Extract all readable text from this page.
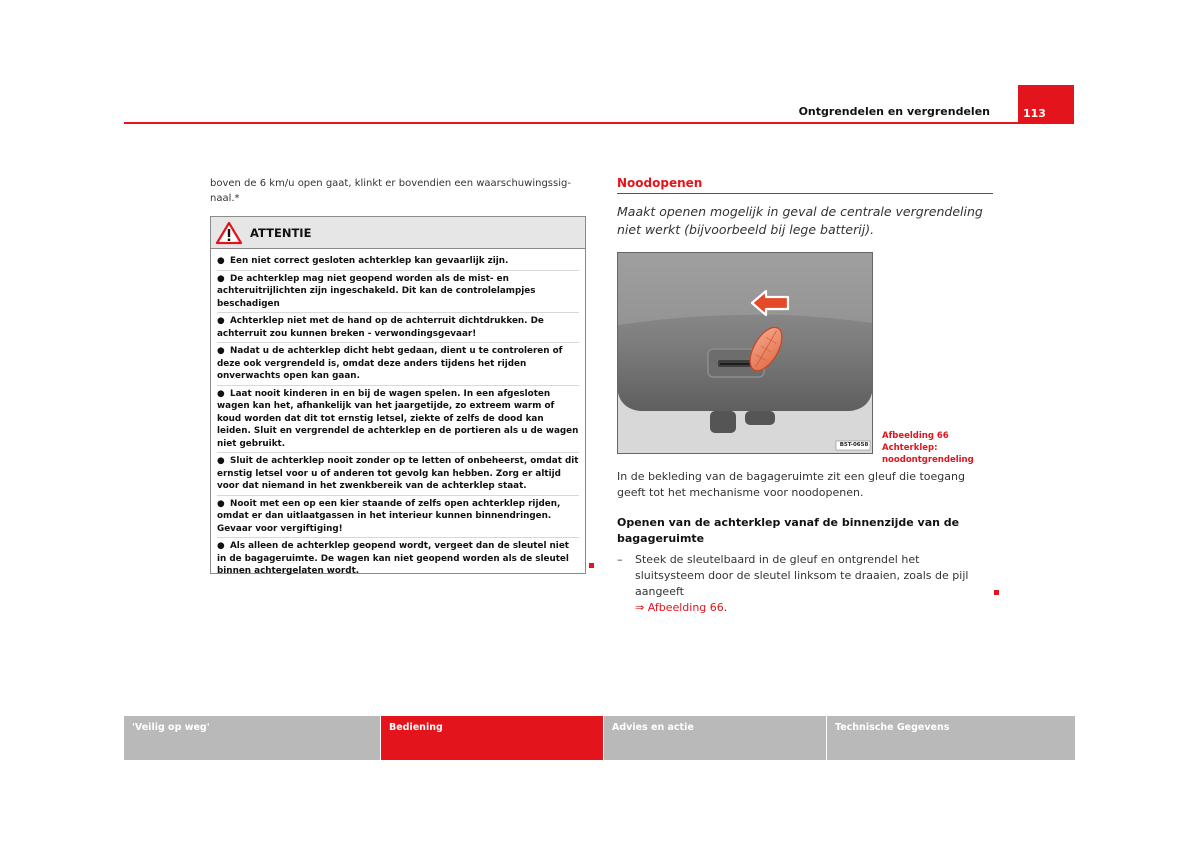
Ontgrendelen en vergrendelen	113
boven de 6 km/u open gaat, klinkt er bovendien een waarschuwingssig-naal.*
ATTENTIE
● Een niet correct gesloten achterklep kan gevaarlijk zijn.
● De achterklep mag niet geopend worden als de mist- en achteruitrijlichten zijn ingeschakeld. Dit kan de controlelampjes beschadigen
● Achterklep niet met de hand op de achterruit dichtdrukken. De achterruit zou kunnen breken - verwondingsgevaar!
● Nadat u de achterklep dicht hebt gedaan, dient u te controleren of deze ook vergrendeld is, omdat deze anders tijdens het rijden onverwachts open kan gaan.
● Laat nooit kinderen in en bij de wagen spelen. In een afgesloten wagen kan het, afhankelijk van het jaargetijde, zo extreem warm of koud worden dat dit tot ernstig letsel, ziekte of zelfs de dood kan leiden. Sluit en vergrendel de achterklep en de portieren als u de wagen niet gebruikt.
● Sluit de achterklep nooit zonder op te letten of onbeheerst, omdat dit ernstig letsel voor u of anderen tot gevolg kan hebben. Zorg er altijd voor dat niemand in het zwenkbereik van de achterklep staat.
● Nooit met een op een kier staande of zelfs open achterklep rijden, omdat er dan uitlaatgassen in het interieur kunnen binnendringen. Gevaar voor vergiftiging!
● Als alleen de achterklep geopend wordt, vergeet dan de sleutel niet in de bagageruimte. De wagen kan niet geopend worden als de sleutel binnen achtergelaten wordt.
Noodopenen
Maakt openen mogelijk in geval de centrale vergrendeling niet werkt (bijvoorbeeld bij lege batterij).
B5T-0658
Afbeelding 66 Achterklep: noodontgrendeling
In de bekleding van de bagageruimte zit een gleuf die toegang geeft tot het mechanisme voor noodopenen.
Openen van de achterklep vanaf de binnenzijde van de bagageruimte
– Steek de sleutelbaard in de gleuf en ontgrendel het sluitsysteem door de sleutel linksom te draaien, zoals de pijl aangeeft
⇒ Afbeelding 66.
'Veilig op weg'	Bediening	Advies en actie	Technische Gegevens
